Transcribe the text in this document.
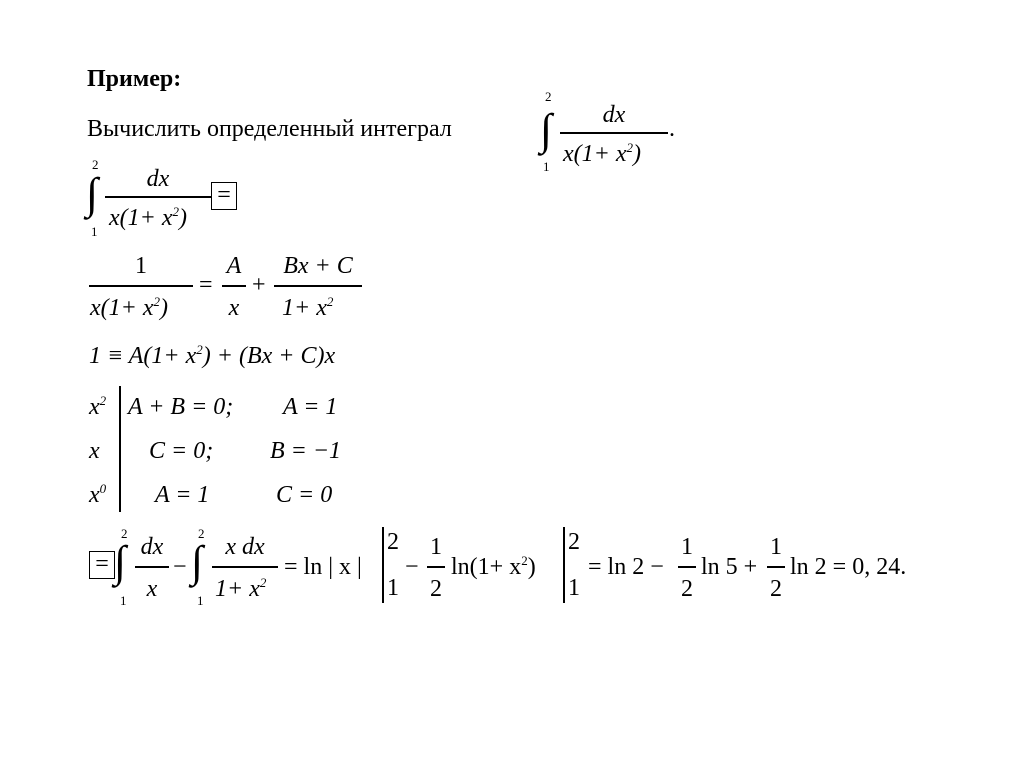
Пример:
Вычислить определенный интеграл
2
∫
1
dx
$x(1+ x^2)$
.
2
∫
1
dx
$x(1+ x^2)$
=
1
$x(1+ x^2)$
=
A
x
+
Bx + C
$1+ x^2$
$1 \equiv A(1+ x^2) + (Bx + C)x$
$x^2$ A + B = 0; A = 1
x C = 0; B = −1
$x^0$ A = 1	C = 0
=
2
∫
1
dx
x
−
2
∫
1
x dx
$1+ x^2$
= ln | x |
2
1
−
1
2
$\ln(1+ x^2)$
2
1
= ln 2 −
1
2
ln 5 +
1
2
ln 2 = 0, 24.
